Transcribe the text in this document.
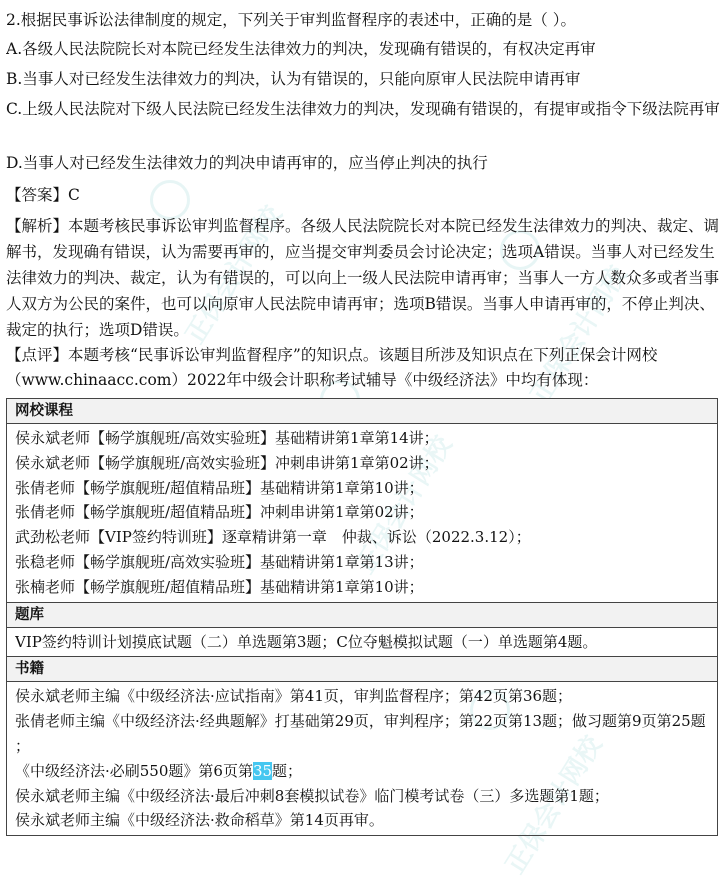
正保会计网校
正保会计网校
正保会计网校
正保会计网校
2.根据民事诉讼法律制度的规定，下列关于审判监督程序的表述中，正确的是（ ）。
A.各级人民法院院长对本院已经发生法律效力的判决，发现确有错误的，有权决定再审
B.当事人对已经发生法律效力的判决，认为有错误的，只能向原审人民法院申请再审
C.上级人民法院对下级人民法院已经发生法律效力的判决，发现确有错误的，有提审或指令下级法院再审
D.当事人对已经发生法律效力的判决申请再审的，应当停止判决的执行
【答案】C
【解析】本题考核民事诉讼审判监督程序。各级人民法院院长对本院已经发生法律效力的判决、裁定、调解书，发现确有错误，认为需要再审的，应当提交审判委员会讨论决定；选项A错误。当事人对已经发生法律效力的判决、裁定，认为有错误的，可以向上一级人民法院申请再审；当事人一方人数众多或者当事人双方为公民的案件，也可以向原审人民法院申请再审；选项B错误。当事人申请再审的，不停止判决、裁定的执行；选项D错误。
【点评】本题考核“民事诉讼审判监督程序”的知识点。该题目所涉及知识点在下列正保会计网校（www.chinaacc.com）2022年中级会计职称考试辅导《中级经济法》中均有体现：
网校课程
侯永斌老师【畅学旗舰班/高效实验班】基础精讲第1章第14讲；
侯永斌老师【畅学旗舰班/高效实验班】冲刺串讲第1章第02讲；
张倩老师【畅学旗舰班/超值精品班】基础精讲第1章第10讲；
张倩老师【畅学旗舰班/超值精品班】冲刺串讲第1章第02讲；
武劲松老师【VIP签约特训班】逐章精讲第一章　仲裁、诉讼（2022.3.12）；
张稳老师【畅学旗舰班/高效实验班】基础精讲第1章第13讲；
张楠老师【畅学旗舰班/超值精品班】基础精讲第1章第10讲；
题库
VIP签约特训计划摸底试题（二）单选题第3题；C位夺魁模拟试题（一）单选题第4题。
书籍
侯永斌老师主编《中级经济法·应试指南》第41页，审判监督程序；第42页第36题；
张倩老师主编《中级经济法·经典题解》打基础第29页，审判程序；第22页第13题；做习题第9页第25题
；
《中级经济法·必刷550题》第6页第35题；
侯永斌老师主编《中级经济法·最后冲刺8套模拟试卷》临门模考试卷（三）多选题第1题；
侯永斌老师主编《中级经济法·救命稻草》第14页再审。
